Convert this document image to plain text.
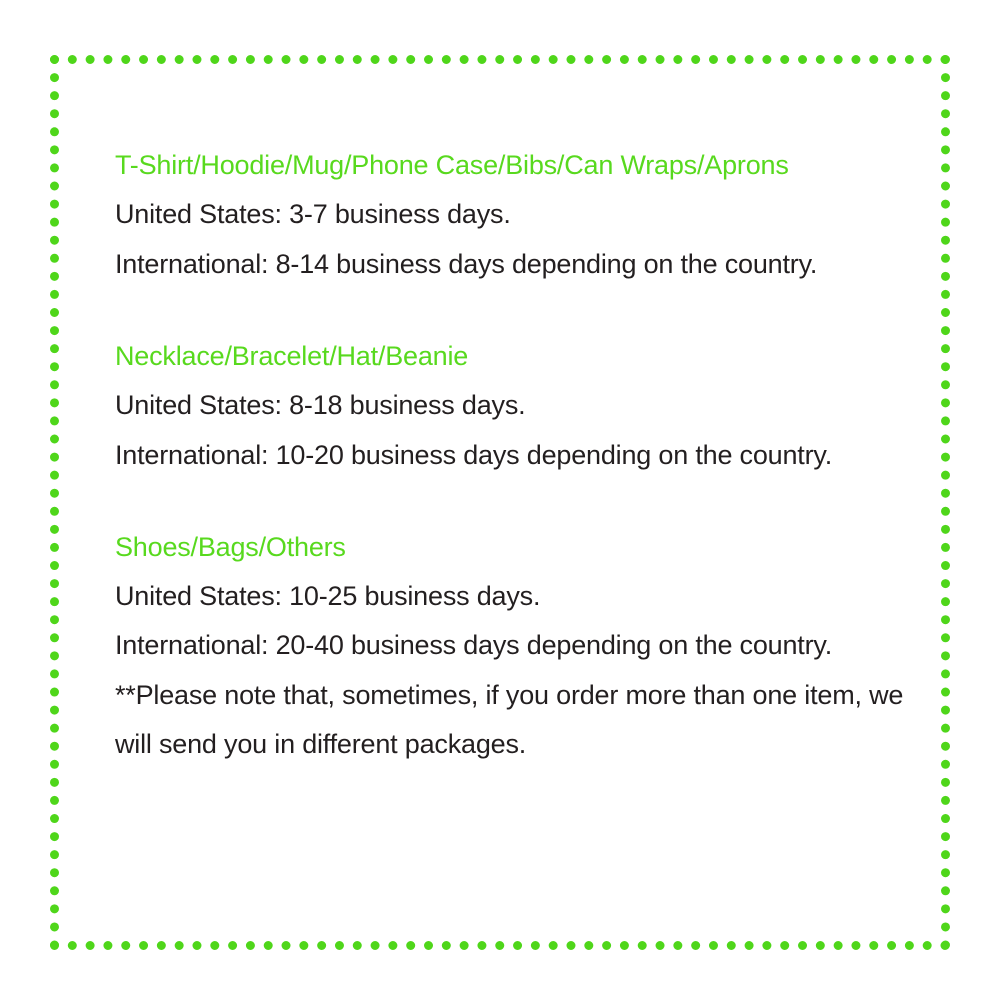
T-Shirt/Hoodie/Mug/Phone Case/Bibs/Can Wraps/Aprons

United States: 3-7 business days.

International: 8-14 business days depending on the country.

Necklace/Bracelet/Hat/Beanie

United States: 8-18 business days.

International: 10-20 business days depending on the country.

Shoes/Bags/Others

United States: 10-25 business days.

International: 20-40 business days depending on the country.

**Please note that, sometimes, if you order more than one item, we will send you in different packages.
